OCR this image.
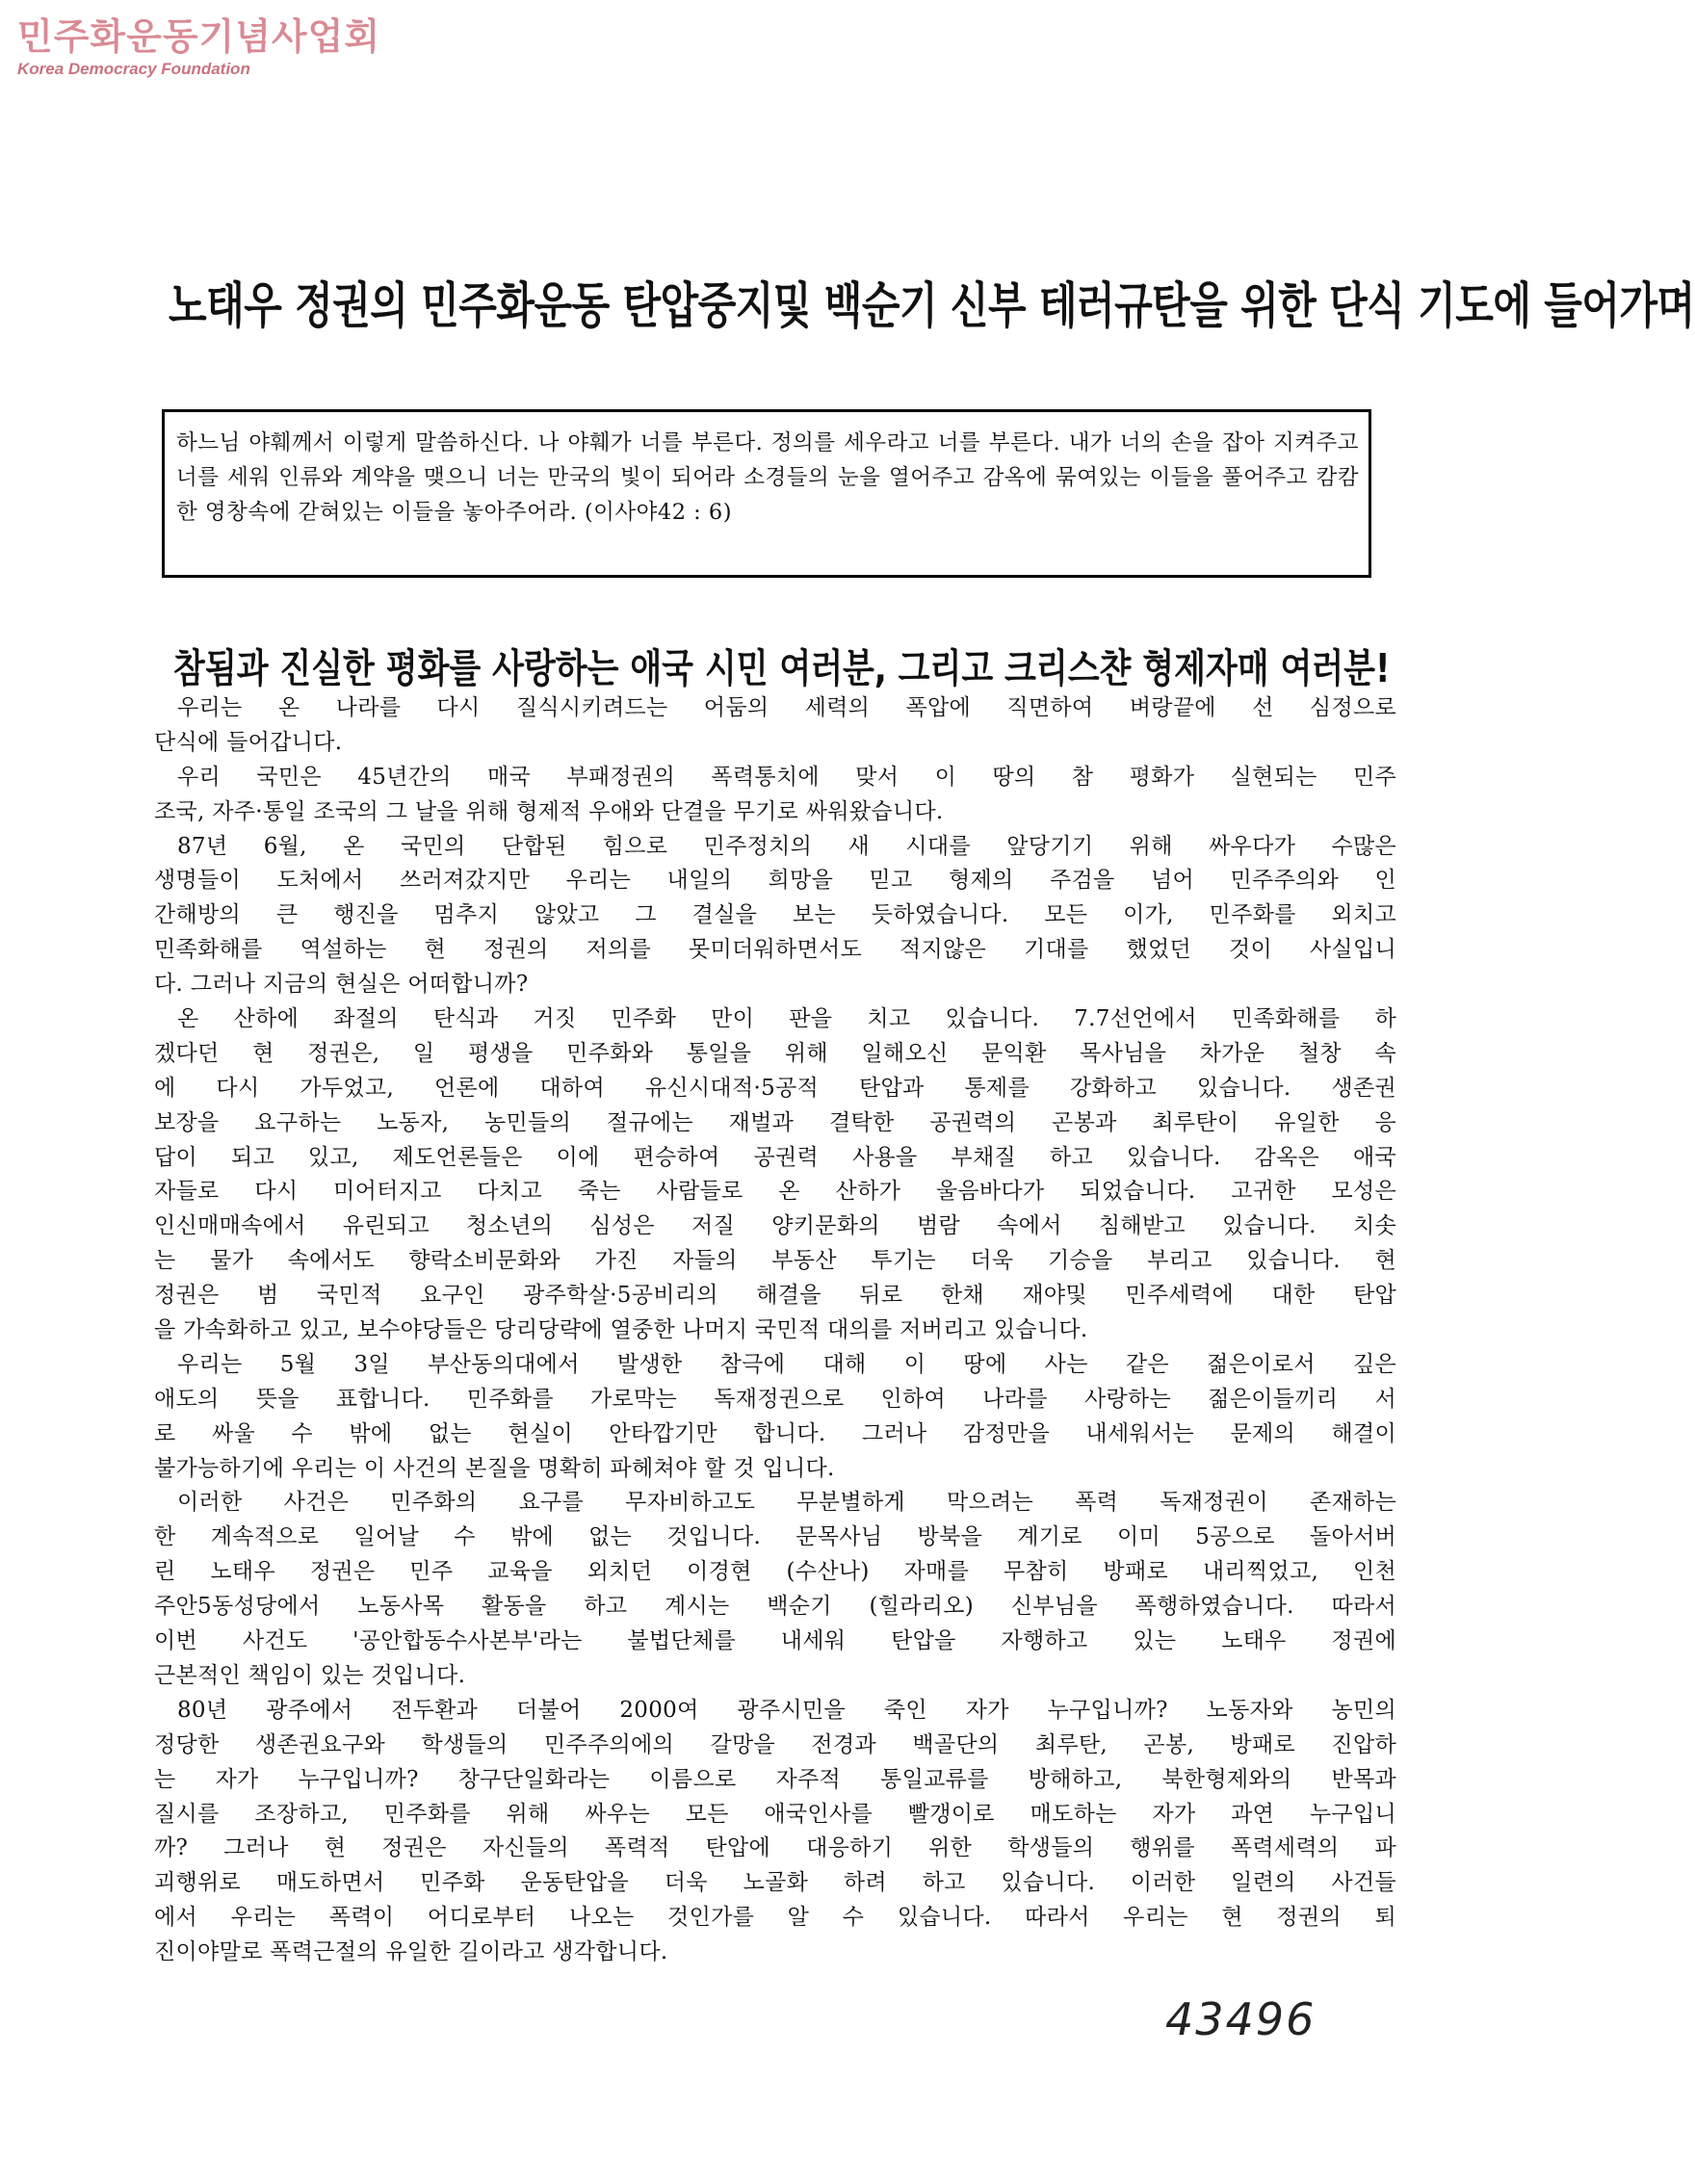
민주화운동기념사업회
Korea Democracy Foundation
노태우 정권의 민주화운동 탄압중지및 백순기 신부 테러규탄을 위한 단식 기도에 들어가며
하느님 야훼께서 이렇게 말씀하신다. 나 야훼가 너를 부른다. 정의를 세우라고 너를 부른다. 내가 너의 손을 잡아 지켜주고 너를 세워 인류와 계약을 맺으니 너는 만국의 빛이 되어라 소경들의 눈을 열어주고 감옥에 묶여있는 이들을 풀어주고 캄캄한 영창속에 갇혀있는 이들을 놓아주어라. (이사야42 : 6)
참됨과 진실한 평화를 사랑하는 애국 시민 여러분, 그리고 크리스챤 형제자매 여러분!
우리는 온 나라를 다시 질식시키려드는 어둠의 세력의 폭압에 직면하여 벼랑끝에 선 심정으로
단식에 들어갑니다.
우리 국민은 45년간의 매국 부패정권의 폭력통치에 맞서 이 땅의 참 평화가 실현되는 민주
조국, 자주·통일 조국의 그 날을 위해 형제적 우애와 단결을 무기로 싸워왔습니다.
87년 6월, 온 국민의 단합된 힘으로 민주정치의 새 시대를 앞당기기 위해 싸우다가 수많은
생명들이 도처에서 쓰러져갔지만 우리는 내일의 희망을 믿고 형제의 주검을 넘어 민주주의와 인
간해방의 큰 행진을 멈추지 않았고 그 결실을 보는 듯하였습니다. 모든 이가, 민주화를 외치고
민족화해를 역설하는 현 정권의 저의를 못미더워하면서도 적지않은 기대를 했었던 것이 사실입니
다. 그러나 지금의 현실은 어떠합니까?
온 산하에 좌절의 탄식과 거짓 민주화 만이 판을 치고 있습니다. 7.7선언에서 민족화해를 하
겠다던 현 정권은, 일 평생을 민주화와 통일을 위해 일해오신 문익환 목사님을 차가운 철창 속
에 다시 가두었고, 언론에 대하여 유신시대적·5공적 탄압과 통제를 강화하고 있습니다. 생존권
보장을 요구하는 노동자, 농민들의 절규에는 재벌과 결탁한 공권력의 곤봉과 최루탄이 유일한 응
답이 되고 있고, 제도언론들은 이에 편승하여 공권력 사용을 부채질 하고 있습니다. 감옥은 애국
자들로 다시 미어터지고 다치고 죽는 사람들로 온 산하가 울음바다가 되었습니다. 고귀한 모성은
인신매매속에서 유린되고 청소년의 심성은 저질 양키문화의 범람 속에서 침해받고 있습니다. 치솟
는 물가 속에서도 향락소비문화와 가진 자들의 부동산 투기는 더욱 기승을 부리고 있습니다. 현
정권은 범 국민적 요구인 광주학살·5공비리의 해결을 뒤로 한채 재야및 민주세력에 대한 탄압
을 가속화하고 있고, 보수야당들은 당리당략에 열중한 나머지 국민적 대의를 저버리고 있습니다.
우리는 5월 3일 부산동의대에서 발생한 참극에 대해 이 땅에 사는 같은 젊은이로서 깊은
애도의 뜻을 표합니다. 민주화를 가로막는 독재정권으로 인하여 나라를 사랑하는 젊은이들끼리 서
로 싸울 수 밖에 없는 현실이 안타깝기만 합니다. 그러나 감정만을 내세워서는 문제의 해결이
불가능하기에 우리는 이 사건의 본질을 명확히 파헤쳐야 할 것 입니다.
이러한 사건은 민주화의 요구를 무자비하고도 무분별하게 막으려는 폭력 독재정권이 존재하는
한 계속적으로 일어날 수 밖에 없는 것입니다. 문목사님 방북을 계기로 이미 5공으로 돌아서버
린 노태우 정권은 민주 교육을 외치던 이경현 (수산나) 자매를 무참히 방패로 내리찍었고, 인천
주안5동성당에서 노동사목 활동을 하고 계시는 백순기 (힐라리오) 신부님을 폭행하였습니다. 따라서
이번 사건도 '공안합동수사본부'라는 불법단체를 내세워 탄압을 자행하고 있는 노태우 정권에
근본적인 책임이 있는 것입니다.
80년 광주에서 전두환과 더불어 2000여 광주시민을 죽인 자가 누구입니까? 노동자와 농민의
정당한 생존권요구와 학생들의 민주주의에의 갈망을 전경과 백골단의 최루탄, 곤봉, 방패로 진압하
는 자가 누구입니까? 창구단일화라는 이름으로 자주적 통일교류를 방해하고, 북한형제와의 반목과
질시를 조장하고, 민주화를 위해 싸우는 모든 애국인사를 빨갱이로 매도하는 자가 과연 누구입니
까? 그러나 현 정권은 자신들의 폭력적 탄압에 대응하기 위한 학생들의 행위를 폭력세력의 파
괴행위로 매도하면서 민주화 운동탄압을 더욱 노골화 하려 하고 있습니다. 이러한 일련의 사건들
에서 우리는 폭력이 어디로부터 나오는 것인가를 알 수 있습니다. 따라서 우리는 현 정권의 퇴
진이야말로 폭력근절의 유일한 길이라고 생각합니다.
43496
